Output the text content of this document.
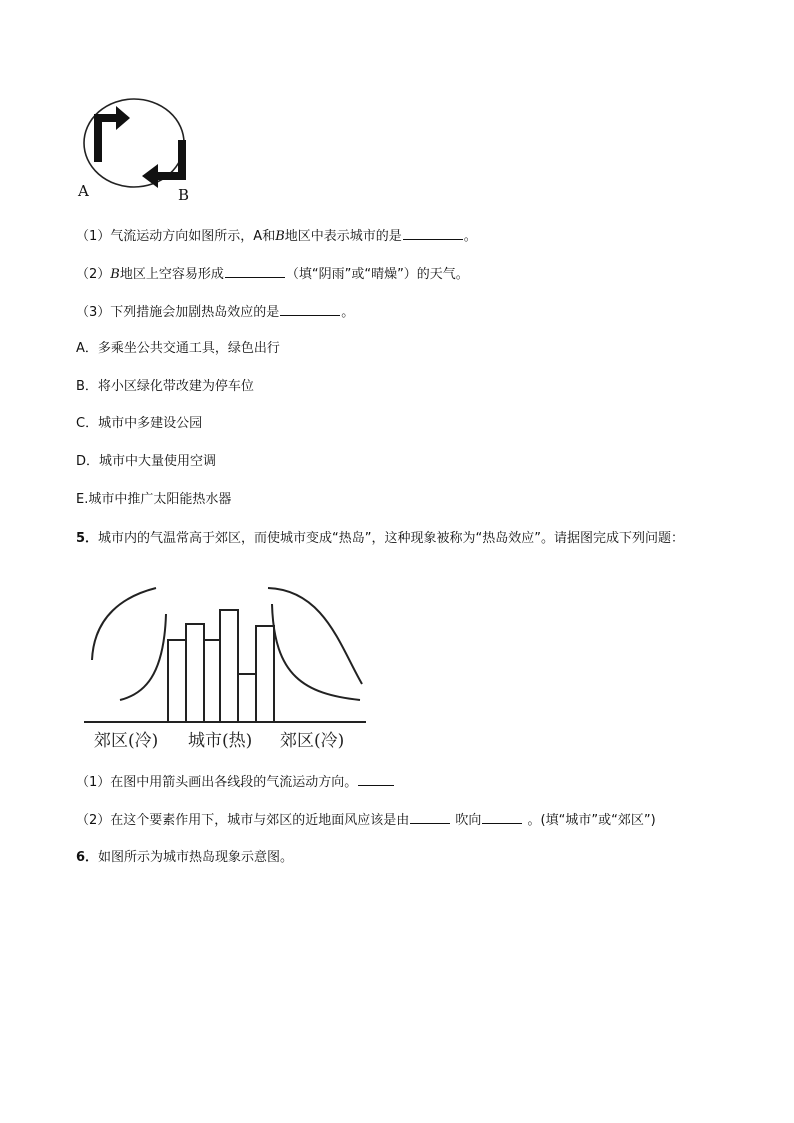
A	B
（1）气流运动方向如图所示，A和B地区中表示城市的是	。
（2）B地区上空容易形成	（填“阴雨”或“晴燥”）的天气。
（3）下列措施会加剧热岛效应的是	。
A．多乘坐公共交通工具，绿色出行
B．将小区绿化带改建为停车位
C．城市中多建设公园
D．城市中大量使用空调
E.城市中推广太阳能热水器
5．城市内的气温常高于郊区，而使城市变成“热岛”，这种现象被称为“热岛效应”。请据图完成下列问题：
郊区(冷) 城市(热) 郊区(冷)
（1）在图中用箭头画出各线段的气流运动方向。
（2）在这个要素作用下，城市与郊区的近地面风应该是由	吹向	。(填“城市”或“郊区”)
6．如图所示为城市热岛现象示意图。
